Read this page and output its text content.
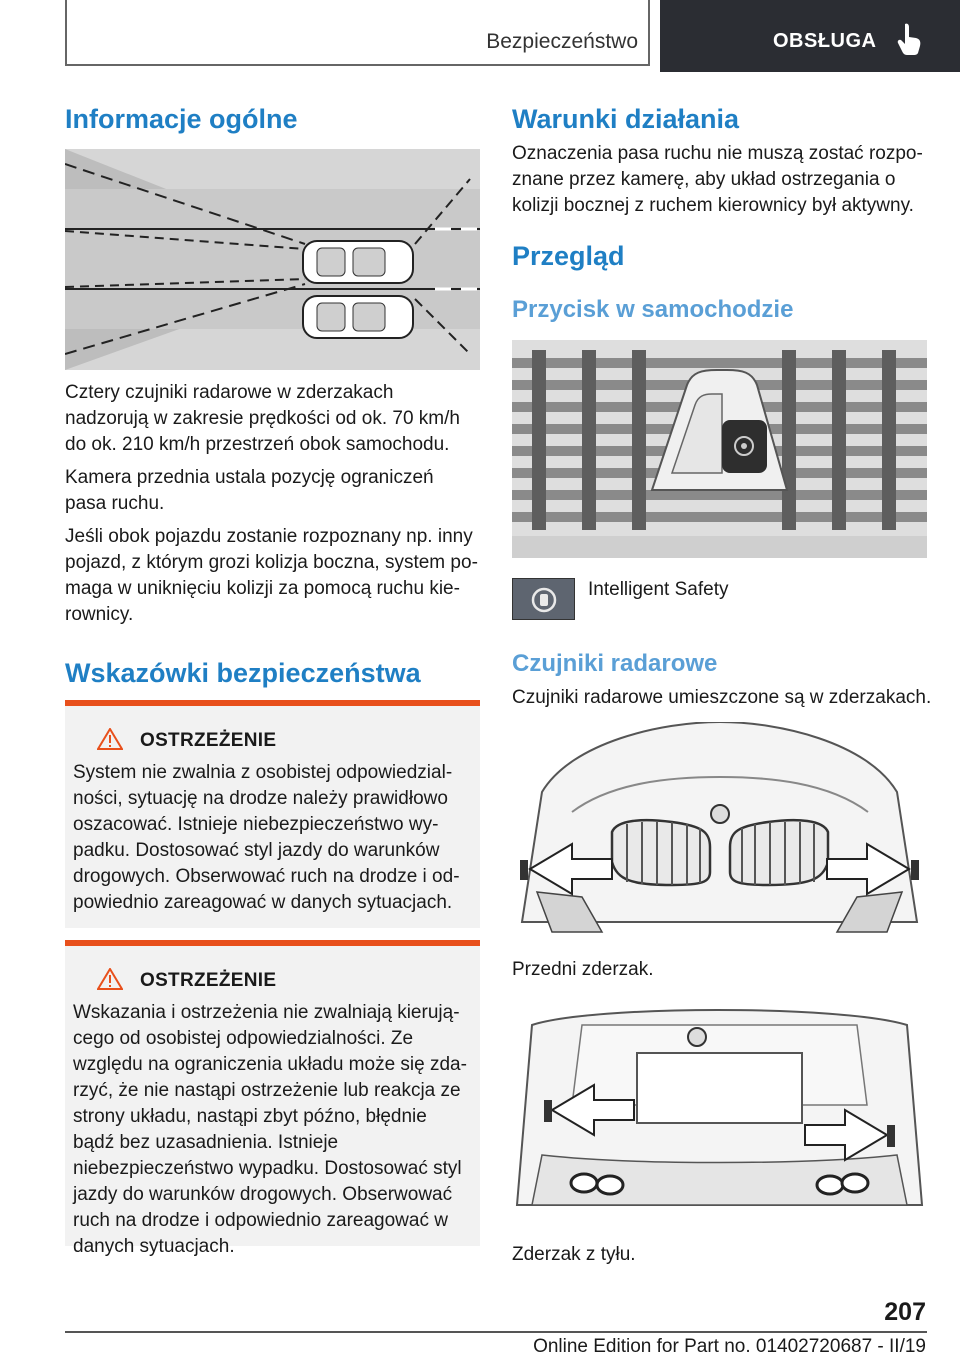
Bezpieczeństwo	OBSŁUGA
Informacje ogólne

Cztery czujniki radarowe w zderzakach nadzorują w zakresie prędkości od ok. 70 km/h do ok. 210 km/h przestrzeń obok samochodu.

Kamera przednia ustala pozycję ograniczeń pasa ruchu.

Jeśli obok pojazdu zostanie rozpoznany np. inny pojazd, z którym grozi kolizja boczna, system pomaga w uniknięciu kolizji za pomocą ruchu kierownicy.

Wskazówki bezpieczeństwa
OSTRZEŻENIE

System nie zwalnia z osobistej odpowiedzialności, sytuację na drodze należy prawidłowo oszacować. Istnieje niebezpieczeństwo wypadku. Dostosować styl jazdy do warunków drogowych. Obserwować ruch na drodze i odpowiednio zareagować w danych sytuacjach.

OSTRZEŻENIE

Wskazania i ostrzeżenia nie zwalniają kierującego od osobistej odpowiedzialności. Ze względu na ograniczenia układu może się zdarzyć, że nie nastąpi ostrzeżenie lub reakcja ze strony układu, nastąpi zbyt późno, błędnie bądź bez uzasadnienia. Istnieje niebezpieczeństwo wypadku. Dostosować styl jazdy do warunków drogowych. Obserwować ruch na drodze i odpowiednio zareagować w danych sytuacjach.

Warunki działania

Oznaczenia pasa ruchu nie muszą zostać rozpoznane przez kamerę, aby układ ostrzegania o kolizji bocznej z ruchem kierownicy był aktywny.

Przegląd
Przycisk w samochodzie

Intelligent Safety

Czujniki radarowe

Czujniki radarowe umieszczone są w zderzakach.

Przedni zderzak.

Zderzak z tyłu.

207
Online Edition for Part no. 01402720687 - II/19
